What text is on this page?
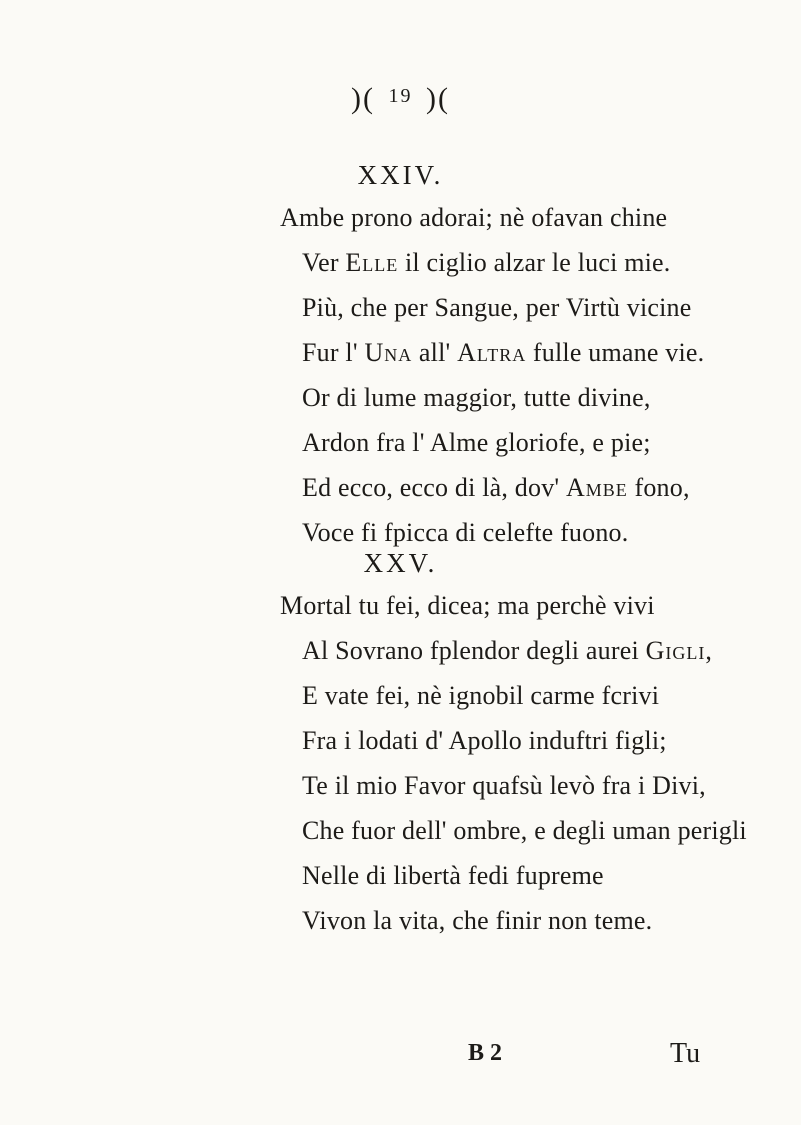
)( $^{19}$ )(
XXIV.
Ambe prono adorai; nè ofavan chine
Ver Elle il ciglio alzar le luci mie.
Più, che per Sangue, per Virtù vicine
Fur l' Una all' Altra fulle umane vie.
Or di lume maggior, tutte divine,
Ardon fra l' Alme gloriofe, e pie;
Ed ecco, ecco di là, dov' Ambe fono,
Voce fi fpicca di celefte fuono.
XXV.
Mortal tu fei, dicea; ma perchè vivi
Al Sovrano fplendor degli aurei Gigli,
E vate fei, nè ignobil carme fcrivi
Fra i lodati d' Apollo induftri figli;
Te il mio Favor quafsù levò fra i Divi,
Che fuor dell' ombre, e degli uman perigli
Nelle di libertà fedi fupreme
Vivon la vita, che finir non teme.
B 2	Tu
